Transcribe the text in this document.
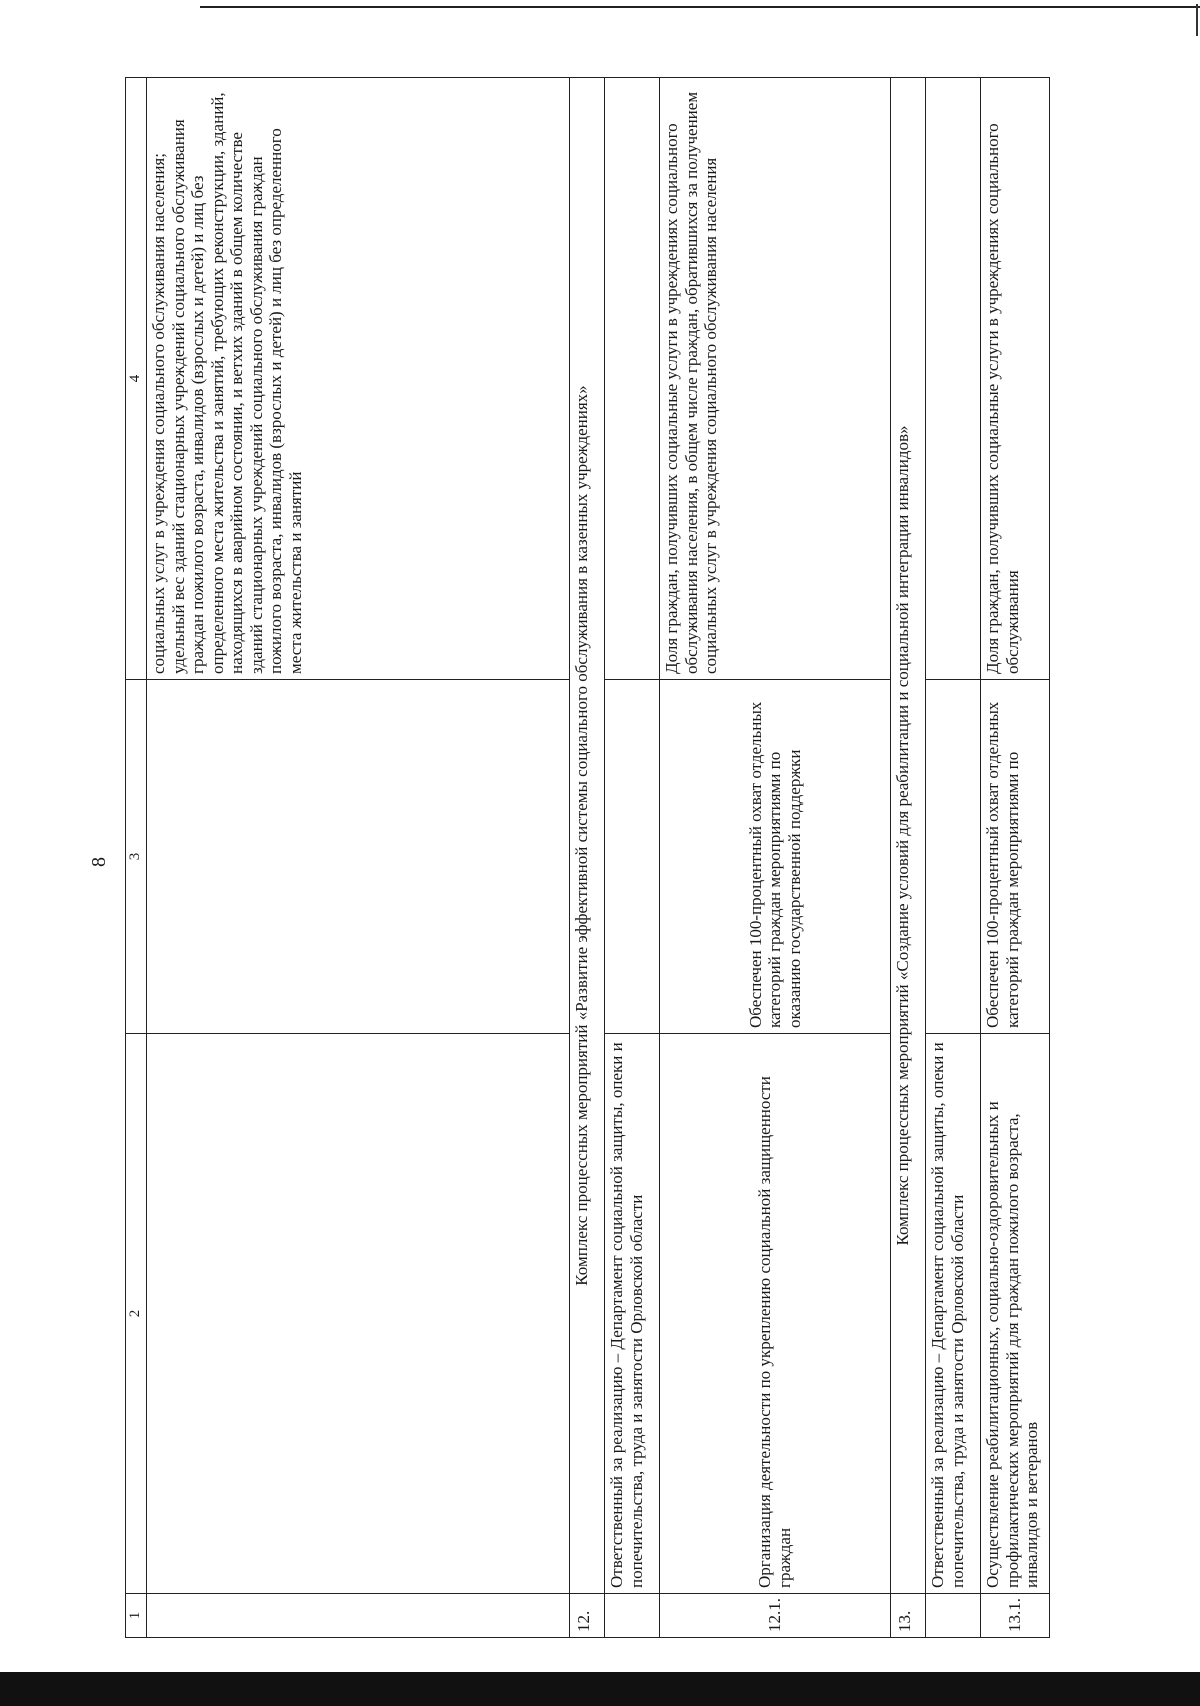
8
1	2	3	4
			социальных услуг в учреждения социального обслуживания населения; удельный вес зданий стационарных учреждений социального обслуживания граждан пожилого возраста, инвалидов (взрослых и детей) и лиц без определенного места жительства и занятий, требующих реконструкции, зданий, находящихся в аварийном состоянии, и ветхих зданий в общем количестве зданий стационарных учреждений социального обслуживания граждан пожилого возраста, инвалидов (взрослых и детей) и лиц без определенного места жительства и занятий
12.	Комплекс процессных мероприятий «Развитие эффективной системы социального обслуживания в казенных учреждениях»		
	Ответственный за реализацию – Департамент социальной защиты, опеки и попечительства, труда и занятости Орловской области		
12.1.	Организация деятельности по укреплению социальной защищенности граждан	Обеспечен 100-процентный охват отдельных категорий граждан мероприятиями по оказанию государственной поддержки	Доля граждан, получивших социальные услуги в учреждениях социального обслуживания населения, в общем числе граждан, обратившихся за получением социальных услуг в учреждения социального обслуживания населения
13.	Комплекс процессных мероприятий «Создание условий для реабилитации и социальной интеграции инвалидов»		
	Ответственный за реализацию – Департамент социальной защиты, опеки и попечительства, труда и занятости Орловской области		
13.1.	Осуществление реабилитационных, социально-оздоровительных и профилактических мероприятий для граждан пожилого возраста, инвалидов и ветеранов	Обеспечен 100-процентный охват отдельных категорий граждан мероприятиями по	Доля граждан, получивших социальные услуги в учреждениях социального обслуживания
